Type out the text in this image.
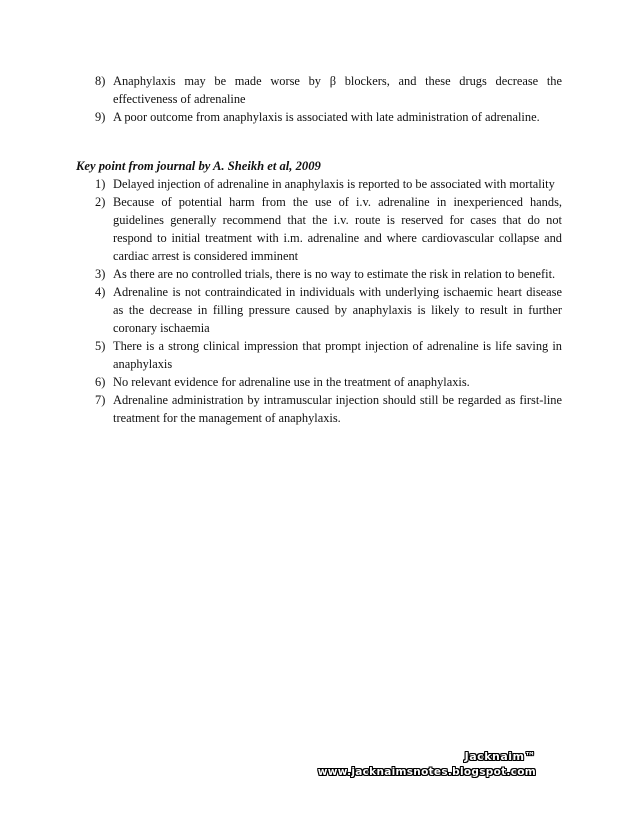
8) Anaphylaxis may be made worse by β blockers, and these drugs decrease the effectiveness of adrenaline
9) A poor outcome from anaphylaxis is associated with late administration of adrenaline.
Key point from journal by A. Sheikh et al, 2009
1) Delayed injection of adrenaline in anaphylaxis is reported to be associated with mortality
2) Because of potential harm from the use of i.v. adrenaline in inexperienced hands, guidelines generally recommend that the i.v. route is reserved for cases that do not respond to initial treatment with i.m. adrenaline and where cardiovascular collapse and cardiac arrest is considered imminent
3) As there are no controlled trials, there is no way to estimate the risk in relation to benefit.
4) Adrenaline is not contraindicated in individuals with underlying ischaemic heart disease as the decrease in filling pressure caused by anaphylaxis is likely to result in further coronary ischaemia
5) There is a strong clinical impression that prompt injection of adrenaline is life saving in anaphylaxis
6) No relevant evidence for adrenaline use in the treatment of anaphylaxis.
7) Adrenaline administration by intramuscular injection should still be regarded as first-line treatment for the management of anaphylaxis.
Jacknaim™
www.jacknaimsnotes.blogspot.com
